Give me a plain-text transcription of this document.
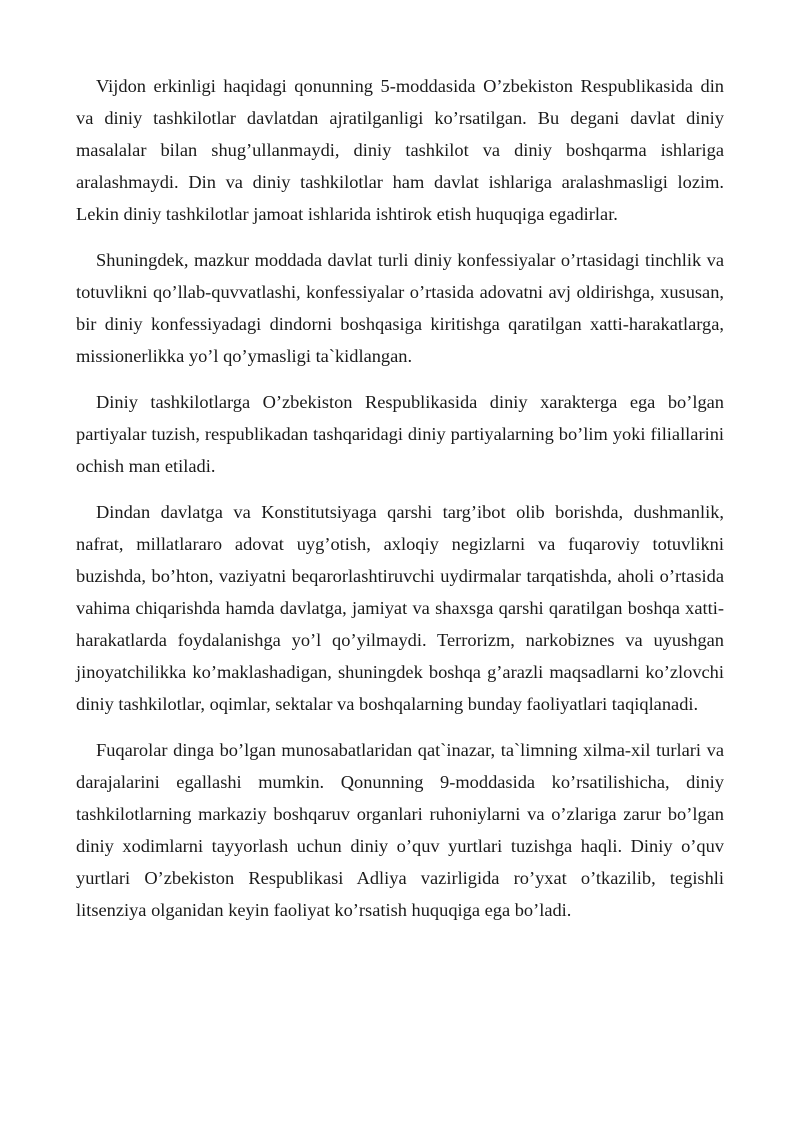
Vijdon erkinligi haqidagi qonunning 5-moddasida O’zbekiston Respublikasida din va diniy tashkilotlar davlatdan ajratilganligi ko’rsatilgan. Bu degani davlat diniy masalalar bilan shug’ullanmaydi, diniy tashkilot va diniy boshqarma ishlariga aralashmaydi. Din va diniy tashkilotlar ham davlat ishlariga aralashmasligi lozim. Lekin diniy tashkilotlar jamoat ishlarida ishtirok etish huquqiga egadirlar.

Shuningdek, mazkur moddada davlat turli diniy konfessiyalar o’rtasidagi tinchlik va totuvlikni qo’llab-quvvatlashi, konfessiyalar o’rtasida adovatni avj oldirishga, xususan, bir diniy konfessiyadagi dindorni boshqasiga kiritishga qaratilgan xatti-harakatlarga, missionerlikka yo’l qo’ymasligi ta`kidlangan.

Diniy tashkilotlarga O’zbekiston Respublikasida diniy xarakterga ega bo’lgan partiyalar tuzish, respublikadan tashqaridagi diniy partiyalarning bo’lim yoki filiallarini ochish man etiladi.

Dindan davlatga va Konstitutsiyaga qarshi targ’ibot olib borishda, dushmanlik, nafrat, millatlararo adovat uyg’otish, axloqiy negizlarni va fuqaroviy totuvlikni buzishda, bo’hton, vaziyatni beqarorlashtiruvchi uydirmalar tarqatishda, aholi o’rtasida vahima chiqarishda hamda davlatga, jamiyat va shaxsga qarshi qaratilgan boshqa xatti-harakatlarda foydalanishga yo’l qo’yilmaydi. Terrorizm, narkobiznes va uyushgan jinoyatchilikka ko’maklashadigan, shuningdek boshqa g’arazli maqsadlarni ko’zlovchi diniy tashkilotlar, oqimlar, sektalar va boshqalarning bunday faoliyatlari taqiqlanadi.

Fuqarolar dinga bo’lgan munosabatlaridan qat`inazar, ta`limning xilma-xil turlari va darajalarini egallashi mumkin. Qonunning 9-moddasida ko’rsatilishicha, diniy tashkilotlarning markaziy boshqaruv organlari ruhoniylarni va o’zlariga zarur bo’lgan diniy xodimlarni tayyorlash uchun diniy o’quv yurtlari tuzishga haqli. Diniy o’quv yurtlari O’zbekiston Respublikasi Adliya vazirligida ro’yxat o’tkazilib, tegishli litsenziya olganidan keyin faoliyat ko’rsatish huquqiga ega bo’ladi.
